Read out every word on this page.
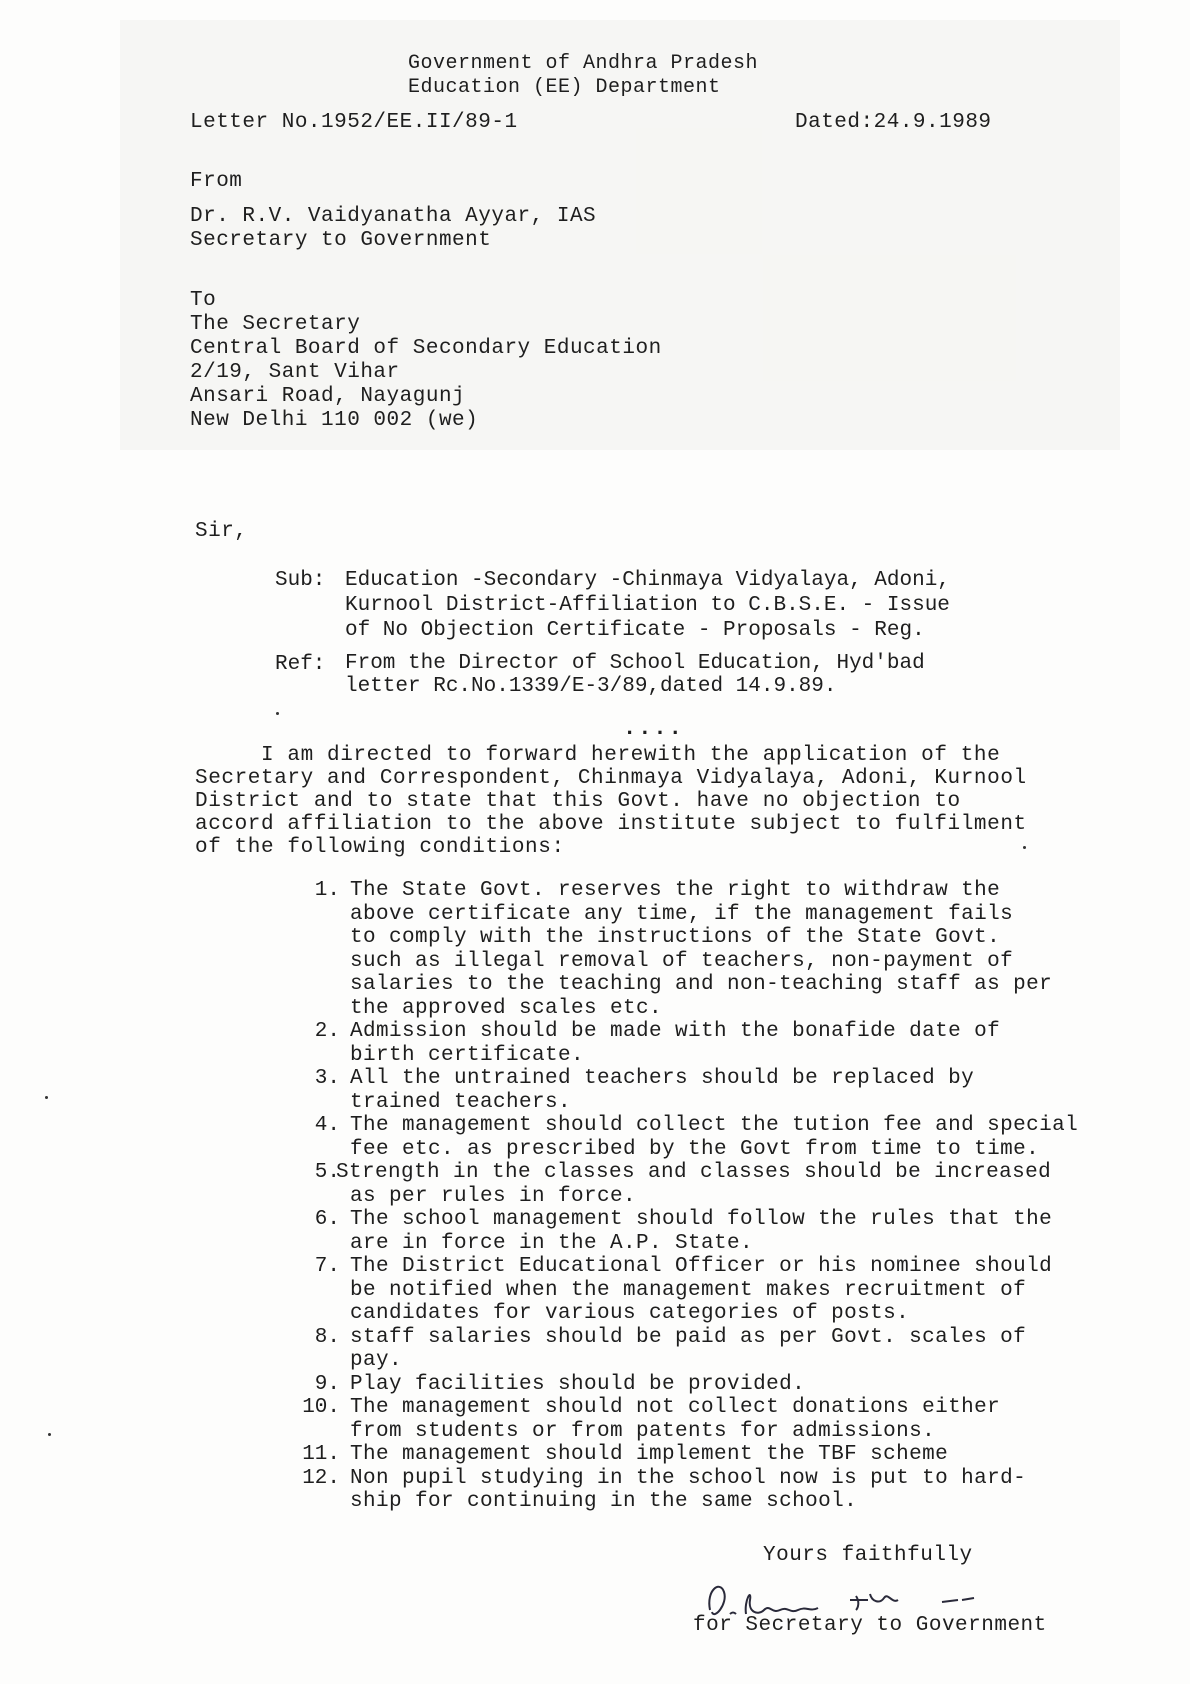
Government of Andhra Pradesh
Education (EE) Department
Letter No.1952/EE.II/89-1	Dated:24.9.1989
From
Dr. R.V. Vaidyanatha Ayyar, IAS
Secretary to Government
To
The Secretary
Central Board of Secondary Education
2/19, Sant Vihar
Ansari Road, Nayagunj
New Delhi 110 002 (we)
Sir,
Sub: Education -Secondary -Chinmaya Vidyalaya, Adoni,
Kurnool District-Affiliation to C.B.S.E. - Issue
of No Objection Certificate - Proposals - Reg.
Ref: From the Director of School Education, Hyd'bad
letter Rc.No.1339/E-3/89,dated 14.9.89.
....
I am directed to forward herewith the application of the
Secretary and Correspondent, Chinmaya Vidyalaya, Adoni, Kurnool
District and to state that this Govt. have no objection to
accord affiliation to the above institute subject to fulfilment
of the following conditions:
1. The State Govt. reserves the right to withdraw the
above certificate any time, if the management fails
to comply with the instructions of the State Govt.
such as illegal removal of teachers, non-payment of
salaries to the teaching and non-teaching staff as per
the approved scales etc.
2. Admission should be made with the bonafide date of
birth certificate.
3. All the untrained teachers should be replaced by
trained teachers.
4. The management should collect the tution fee and special
fee etc. as prescribed by the Govt from time to time.
5.
Strength in the classes and classes should be increased
as per rules in force.
6. The school management should follow the rules that the
are in force in the A.P. State.
7. The District Educational Officer or his nominee should
be notified when the management makes recruitment of
candidates for various categories of posts.
8. staff salaries should be paid as per Govt. scales of
pay.
9. Play facilities should be provided.
10. The management should not collect donations either
from students or from patents for admissions.
11. The management should implement the TBF scheme
12. Non pupil studying in the school now is put to hard-
ship for continuing in the same school.
Yours faithfully
for Secretary to Government
